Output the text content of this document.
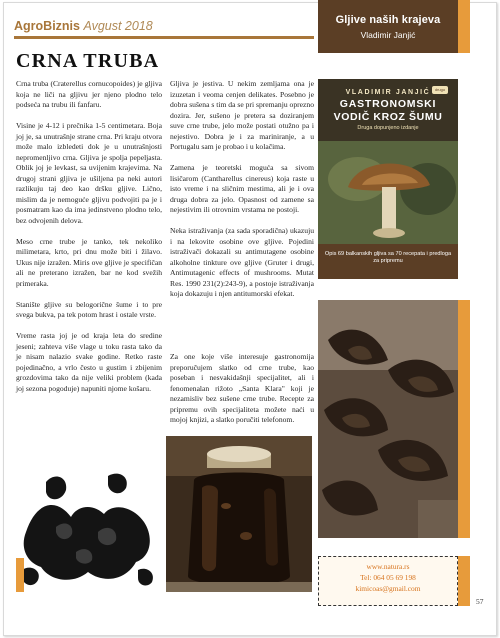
AgroBiznis Avgust 2018	Gljive naših krajeva
Vladimir Janjić
CRNA TRUBA

Crna truba (Craterellus cornucopoides) je gljiva koja ne liči na gljivu jer njeno plodno telo podseća na trubu ili fanfaru.

Visine je 4-12 i prečnika 1-5 centimetara. Boja joj je, sa unutrašnje strane crna. Pri kraju otvora može malo izbledeti dok je u unutrašnjosti nepromenljivo crna. Gljiva je spolja pepeljasta. Oblik joj je levkast, sa uvijenim krajevima. Na drugoj strani gljiva je ušiljena pa neki autori razlikuju taj deo kao dršku gljive. Lično, mislim da je nemoguće gljivu podvojiti pa je i posmatram kao da ima jedinstveno plodno telo, bez odvojenih delova.

Meso crne trube je tanko, tek nekoliko milimetara, krto, pri dnu može biti i žilavo. Ukus nije izražen. Miris ove gljive je specifičan ali ne preterano izražen, bar ne kod svežih primeraka.

Stanište gljive su belogorične šume i to pre svega bukva, pa tek potom hrast i ostale vrste.

Vreme rasta joj je od kraja leta do sredine jeseni; zahteva više vlage u toku rasta tako da je nisam nalazio svake godine. Retko raste pojedinačno, a vrlo često u gustim i zbijenim grozdovima tako da nije veliki problem (kada joj sezona pogoduje) napuniti njome košaru.

Gljiva je jestiva. U nekim zemljama ona je izuzetan i veoma cenjen delikates. Posebno je dobra sušena s tim da se pri spremanju oprezno dozira. Jer, sušeno je pretera sa doziranjem suve crne trube, jelo može postati otužno pa i nejestivo. Dobra je i za mariniranje, a u Portugalu sam je probao i u kolačima.

Zamena je teoretski moguća sa sivom lisičarom (Cantharellus cinereus) koja raste u isto vreme i na sličnim mestima, ali je i ova druga dobra za jelo. Opasnost od zamene sa nejestivim ili otrovnim vrstama ne postoji.

Neka istraživanja (za sada sporadična) ukazuju i na lekovite osobine ove gljive. Pojedini istraživači dokazali su antimutagene osobine alkoholne tinkture ove gljive (Gruter i drugi, Antimutagenic effects of mushrooms. Mutat Res. 1990 231(2):243-9), a postoje istraživanja koja dokazuju i njen antitumorski efekat.

Za one koje više interesuje gastronomija preporučujem slatko od crne trube, kao poseban i nesvakidašnji specijalitet, ali i fenomenalan rižoto „Santa Klara" koji je nezamisliv bez sušene crne trube. Recepte za pripremu ovih specijaliteta možete naći u mojoj knjizi, a slatko poručiti telefonom.

VLADIMIR JANJIĆ	drugo
GASTRONOMSKI
VODIČ KROZ ŠUMU
Druga dopunjeno izdanje
Opis 69 balkanskih gljiva sa 70 recepata i predloga za pripremu
www.natura.rs
Tel: 064 05 69 198
kimicoas@gmail.com
57
